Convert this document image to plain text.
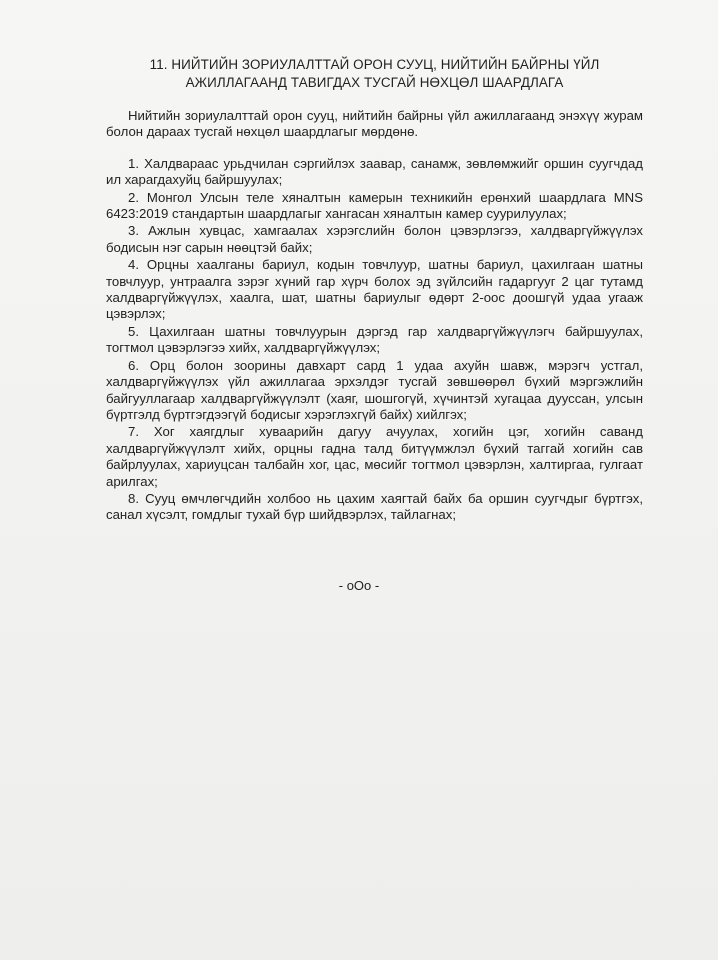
11. НИЙТИЙН ЗОРИУЛАЛТТАЙ ОРОН СУУЦ, НИЙТИЙН БАЙРНЫ ҮЙЛ
АЖИЛЛАГААНД ТАВИГДАХ ТУСГАЙ НӨХЦӨЛ ШААРДЛАГА

Нийтийн зориулалттай орон сууц, нийтийн байрны үйл ажиллагаанд энэхүү журам болон дараах тусгай нөхцөл шаардлагыг мөрдөнө.

1. Халдвараас урьдчилан сэргийлэх заавар, санамж, зөвлөмжийг оршин суугчдад ил харагдахуйц байршуулах;

2. Монгол Улсын теле хяналтын камерын техникийн ерөнхий шаардлага MNS 6423:2019 стандартын шаардлагыг хангасан хяналтын камер суурилуулах;

3. Ажлын хувцас, хамгаалах хэрэгслийн болон цэвэрлэгээ, халдваргүйжүүлэх бодисын нэг сарын нөөцтэй байх;

4. Орцны хаалганы бариул, кодын товчлуур, шатны бариул, цахилгаан шатны товчлуур, унтраалга зэрэг хүний гар хүрч болох эд зүйлсийн гадаргууг 2 цаг тутамд халдваргүйжүүлэх, хаалга, шат, шатны бариулыг өдөрт 2-оос доошгүй удаа угааж цэвэрлэх;

5. Цахилгаан шатны товчлуурын дэргэд гар халдваргүйжүүлэгч байршуулах, тогтмол цэвэрлэгээ хийх, халдваргүйжүүлэх;

6. Орц болон зоорины давхарт сард 1 удаа ахуйн шавж, мэрэгч устгал, халдваргүйжүүлэх үйл ажиллагаа эрхэлдэг тусгай зөвшөөрөл бүхий мэргэжлийн байгууллагаар халдваргүйжүүлэлт (хаяг, шошгогүй, хүчинтэй хугацаа дууссан, улсын бүртгэлд бүртгэгдээгүй бодисыг хэрэглэхгүй байх) хийлгэх;

7. Хог хаягдлыг хуваарийн дагуу ачуулах, хогийн цэг, хогийн саванд халдваргүйжүүлэлт хийх, орцны гадна талд битүүмжлэл бүхий таггай хогийн сав байрлуулах, хариуцсан талбайн хог, цас, мөсийг тогтмол цэвэрлэн, халтиргаа, гулгаат арилгах;

8. Сууц өмчлөгчдийн холбоо нь цахим хаягтай байх ба оршин суугчдыг бүртгэх, санал хүсэлт, гомдлыг тухай бүр шийдвэрлэх, тайлагнах;

- oOo -
